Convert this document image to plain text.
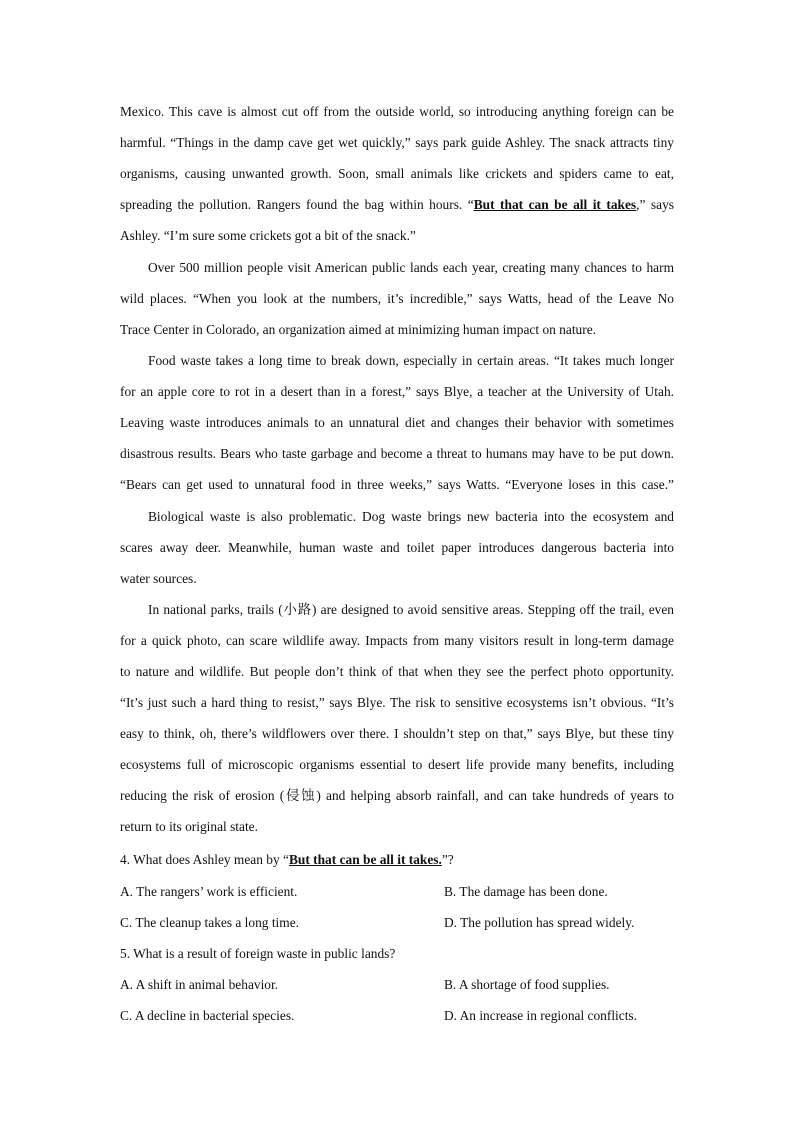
Mexico. This cave is almost cut off from the outside world, so introducing anything foreign can be
harmful. “Things in the damp cave get wet quickly,” says park guide Ashley. The snack attracts tiny
organisms, causing unwanted growth. Soon, small animals like crickets and spiders came to eat,
spreading the pollution. Rangers found the bag within hours. “But that can be all it takes,” says
Ashley. “I’m sure some crickets got a bit of the snack.”
Over 500 million people visit American public lands each year, creating many chances to harm
wild places. “When you look at the numbers, it’s incredible,” says Watts, head of the Leave No
Trace Center in Colorado, an organization aimed at minimizing human impact on nature.
Food waste takes a long time to break down, especially in certain areas. “It takes much longer
for an apple core to rot in a desert than in a forest,” says Blye, a teacher at the University of Utah.
Leaving waste introduces animals to an unnatural diet and changes their behavior with sometimes
disastrous results. Bears who taste garbage and become a threat to humans may have to be put down.
“Bears can get used to unnatural food in three weeks,” says Watts. “Everyone loses in this case.”
Biological waste is also problematic. Dog waste brings new bacteria into the ecosystem and
scares away deer. Meanwhile, human waste and toilet paper introduces dangerous bacteria into
water sources.
In national parks, trails (小路) are designed to avoid sensitive areas. Stepping off the trail, even
for a quick photo, can scare wildlife away. Impacts from many visitors result in long-term damage
to nature and wildlife. But people don’t think of that when they see the perfect photo opportunity.
“It’s just such a hard thing to resist,” says Blye. The risk to sensitive ecosystems isn’t obvious. “It’s
easy to think, oh, there’s wildflowers over there. I shouldn’t step on that,” says Blye, but these tiny
ecosystems full of microscopic organisms essential to desert life provide many benefits, including
reducing the risk of erosion (侵蚀) and helping absorb rainfall, and can take hundreds of years to
return to its original state.
4. What does Ashley mean by “But that can be all it takes.”?
A. The rangers’ work is efficient.	B. The damage has been done.
C. The cleanup takes a long time.	D. The pollution has spread widely.
5. What is a result of foreign waste in public lands?
A. A shift in animal behavior.	B. A shortage of food supplies.
C. A decline in bacterial species.	D. An increase in regional conflicts.
